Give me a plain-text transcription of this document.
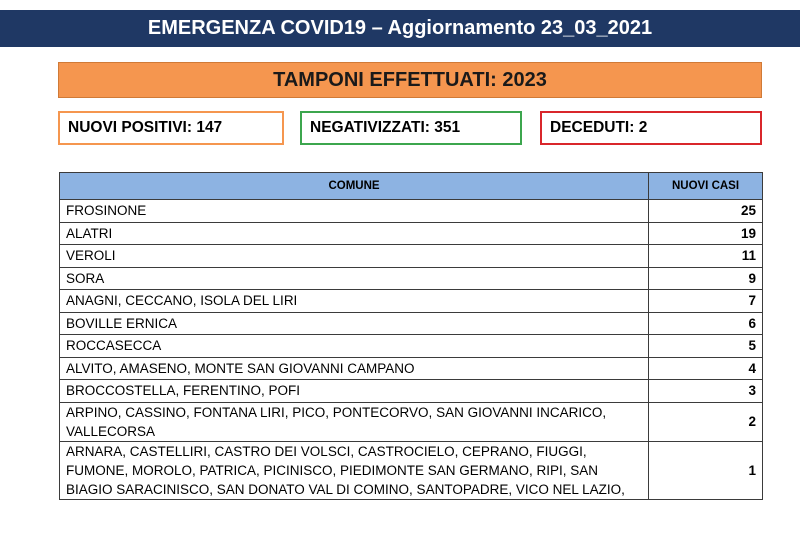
EMERGENZA COVID19 – Aggiornamento 23_03_2021
TAMPONI EFFETTUATI: 2023
NUOVI POSITIVI: 147	NEGATIVIZZATI: 351	DECEDUTI: 2
COMUNE	NUOVI CASI
FROSINONE	25
ALATRI	19
VEROLI	11
SORA	9
ANAGNI, CECCANO, ISOLA DEL LIRI	7
BOVILLE ERNICA	6
ROCCASECCA	5
ALVITO, AMASENO, MONTE SAN GIOVANNI CAMPANO	4
BROCCOSTELLA, FERENTINO, POFI	3
ARPINO, CASSINO, FONTANA LIRI, PICO, PONTECORVO, SAN GIOVANNI INCARICO, VALLECORSA	2
ARNARA, CASTELLIRI, CASTRO DEI VOLSCI, CASTROCIELO, CEPRANO, FIUGGI, FUMONE, MOROLO, PATRICA, PICINISCO, PIEDIMONTE SAN GERMANO, RIPI, SAN BIAGIO SARACINISCO, SAN DONATO VAL DI COMINO, SANTOPADRE, VICO NEL LAZIO,	1
